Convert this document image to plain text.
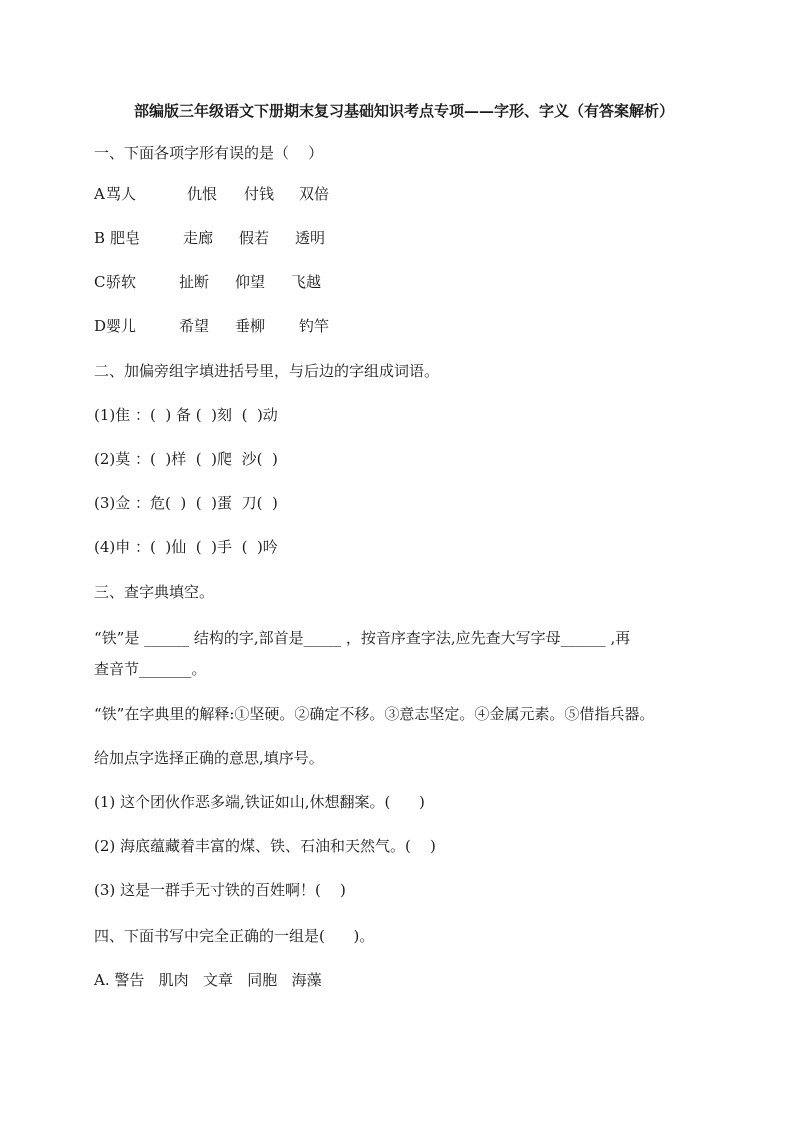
部编版三年级语文下册期末复习基础知识考点专项——字形、字义（有答案解析）
一、下面各项字形有误的是（    ）
A 骂人	仇恨 付钱 双倍
B 肥皂	走廊 假若 透明
C 骄软	扯断 仰望 飞越
D 婴儿	希望 垂柳 钓竿
二、加偏旁组字填进括号里，与后边的字组成词语。
(1)隹 ：(  ) 备 (  )刻  (  )动
(2)莫 ：(  )样  (  )爬  沙(  )
(3)佥 ：危(  )  (  )蛋  刀(  )
(4)申 ：(  )仙  (  )手  (  )吟
三、查字典填空。
“铁”是 ______ 结构的字,部首是_____ ，按音序查字法,应先查大写字母______ ,再
查音节_______。
“铁”在字典里的解释:①坚硬。②确定不移。③意志坚定。④金属元素。⑤借指兵器。
给加点字选择正确的意思,填序号。
(1) 这个团伙作恶多端,铁证如山,休想翻案。(      )
(2) 海底蕴藏着丰富的煤、铁、石油和天然气。(    )
(3) 这是一群手无寸铁的百姓啊！(    )
四、下面书写中完全正确的一组是(      )。
A. 警告   肌肉   文章   同胞   海藻
